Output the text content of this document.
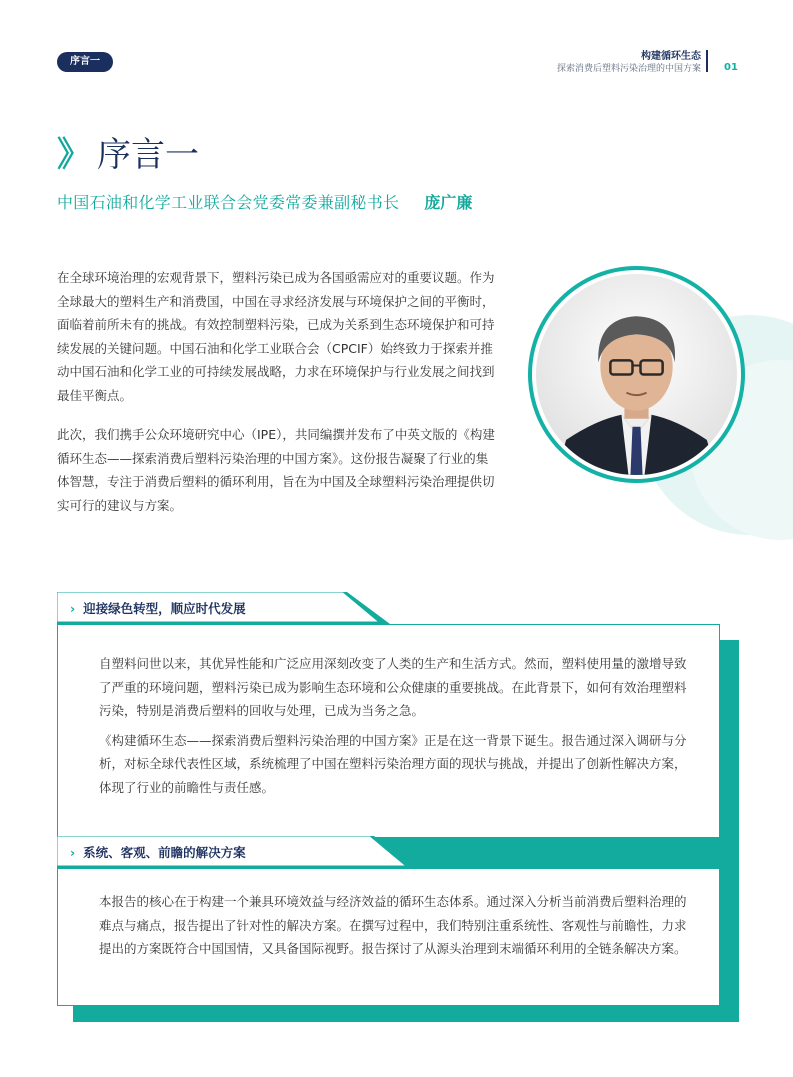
序言一	构建循环生态
探索消费后塑料污染治理的中国方案 01
》 序言一
中国石油和化学工业联合会党委常委兼副秘书长 庞广廉

在全球环境治理的宏观背景下，塑料污染已成为各国亟需应对的重要议题。作为全球最大的塑料生产和消费国，中国在寻求经济发展与环境保护之间的平衡时，面临着前所未有的挑战。有效控制塑料污染，已成为关系到生态环境保护和可持续发展的关键问题。中国石油和化学工业联合会（CPCIF）始终致力于探索并推动中国石油和化学工业的可持续发展战略，力求在环境保护与行业发展之间找到最佳平衡点。

此次，我们携手公众环境研究中心（IPE），共同编撰并发布了中英文版的《构建循环生态——探索消费后塑料污染治理的中国方案》。这份报告凝聚了行业的集体智慧，专注于消费后塑料的循环利用，旨在为中国及全球塑料污染治理提供切实可行的建议与方案。

› 迎接绿色转型，顺应时代发展

自塑料问世以来，其优异性能和广泛应用深刻改变了人类的生产和生活方式。然而，塑料使用量的激增导致了严重的环境问题，塑料污染已成为影响生态环境和公众健康的重要挑战。在此背景下，如何有效治理塑料污染，特别是消费后塑料的回收与处理，已成为当务之急。

《构建循环生态——探索消费后塑料污染治理的中国方案》正是在这一背景下诞生。报告通过深入调研与分析，对标全球代表性区域，系统梳理了中国在塑料污染治理方面的现状与挑战，并提出了创新性解决方案，体现了行业的前瞻性与责任感。

› 系统、客观、前瞻的解决方案

本报告的核心在于构建一个兼具环境效益与经济效益的循环生态体系。通过深入分析当前消费后塑料治理的难点与痛点，报告提出了针对性的解决方案。在撰写过程中，我们特别注重系统性、客观性与前瞻性，力求提出的方案既符合中国国情，又具备国际视野。报告探讨了从源头治理到末端循环利用的全链条解决方案。
